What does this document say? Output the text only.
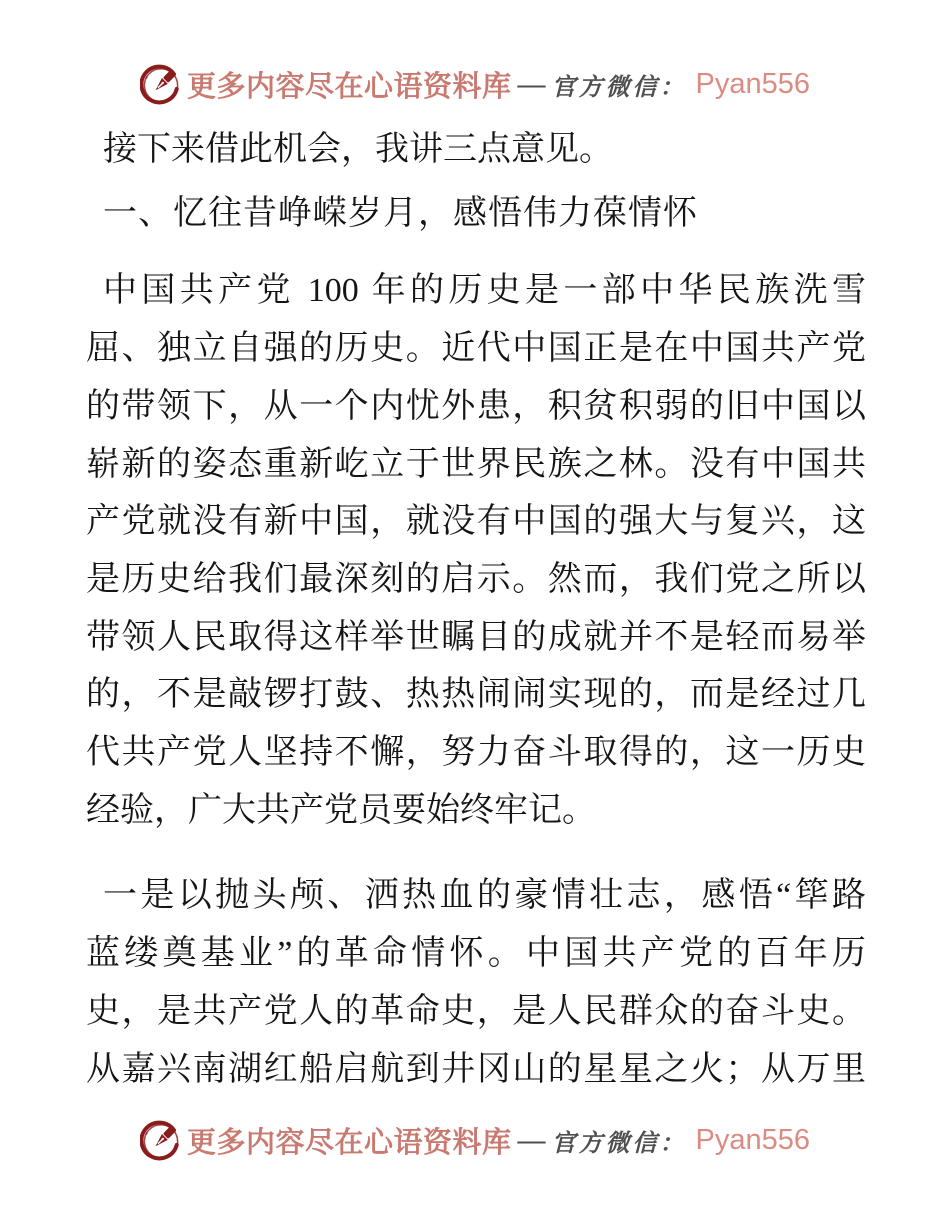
更多内容尽在心语资料库 — 官方微信： Pyan556
接下来借此机会，我讲三点意见。
一、忆往昔峥嵘岁月，感悟伟力葆情怀
中国共产党 100 年的历史是一部中华民族洗雪
屈、独立自强的历史。近代中国正是在中国共产党
的带领下，从一个内忧外患，积贫积弱的旧中国以
崭新的姿态重新屹立于世界民族之林。没有中国共
产党就没有新中国，就没有中国的强大与复兴，这
是历史给我们最深刻的启示。然而，我们党之所以
带领人民取得这样举世瞩目的成就并不是轻而易举
的，不是敲锣打鼓、热热闹闹实现的，而是经过几
代共产党人坚持不懈，努力奋斗取得的，这一历史
经验，广大共产党员要始终牢记。
一是以抛头颅、洒热血的豪情壮志，感悟“筚路
蓝缕奠基业”的革命情怀。中国共产党的百年历
史，是共产党人的革命史，是人民群众的奋斗史。
从嘉兴南湖红船启航到井冈山的星星之火；从万里
更多内容尽在心语资料库 — 官方微信： Pyan556
